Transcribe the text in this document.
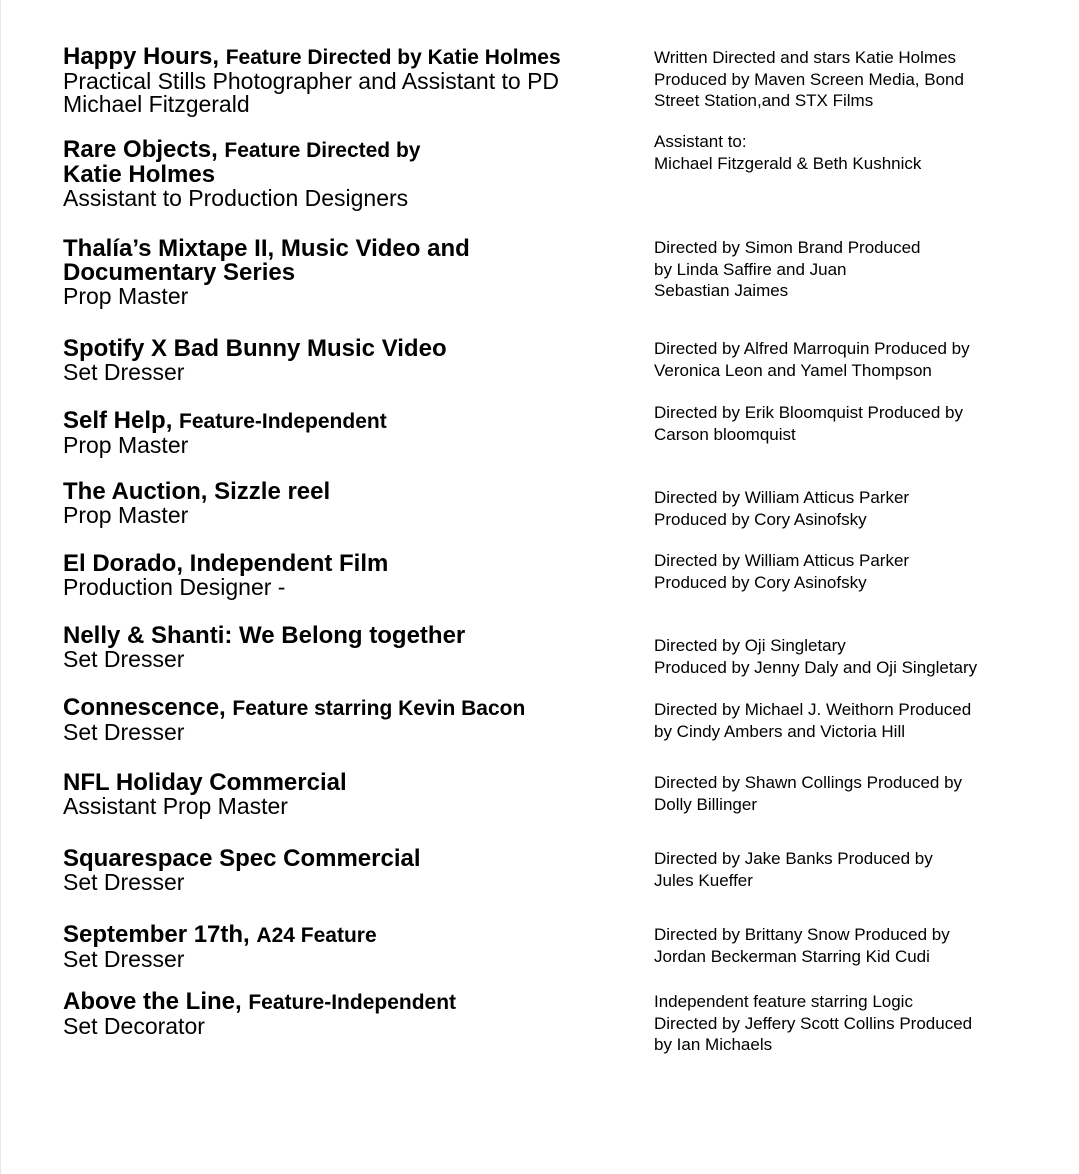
Happy Hours, Feature Directed by Katie Holmes

Practical Stills Photographer and Assistant to PD

Michael Fitzgerald

Written Directed and stars Katie Holmes
Produced by Maven Screen Media, Bond
Street Station,and STX Films

Rare Objects, Feature Directed by

Katie Holmes

Assistant to Production Designers

Assistant to:
Michael Fitzgerald & Beth Kushnick

Thalía’s Mixtape II, Music Video and

Documentary Series

Prop Master

Directed by Simon Brand Produced
by Linda Saffire and Juan
Sebastian Jaimes

Spotify X Bad Bunny Music Video

Set Dresser

Directed by Alfred Marroquin Produced by
Veronica Leon and Yamel Thompson

Self Help, Feature-Independent

Prop Master

Directed by Erik Bloomquist Produced by
Carson bloomquist

The Auction, Sizzle reel

Prop Master

Directed by William Atticus Parker
Produced by Cory Asinofsky

El Dorado, Independent Film

Production Designer -

Directed by William Atticus Parker
Produced by Cory Asinofsky

Nelly & Shanti: We Belong together

Set Dresser

Directed by Oji Singletary
Produced by Jenny Daly and Oji Singletary

Connescence, Feature starring Kevin Bacon

Set Dresser

Directed by Michael J. Weithorn Produced
by Cindy Ambers and Victoria Hill

NFL Holiday Commercial

Assistant Prop Master

Directed by Shawn Collings Produced by
Dolly Billinger

Squarespace Spec Commercial

Set Dresser

Directed by Jake Banks Produced by
Jules Kueffer

September 17th, A24 Feature

Set Dresser

Directed by Brittany Snow Produced by
Jordan Beckerman Starring Kid Cudi

Above the Line, Feature-Independent

Set Decorator

Independent feature starring Logic
Directed by Jeffery Scott Collins Produced
by Ian Michaels
